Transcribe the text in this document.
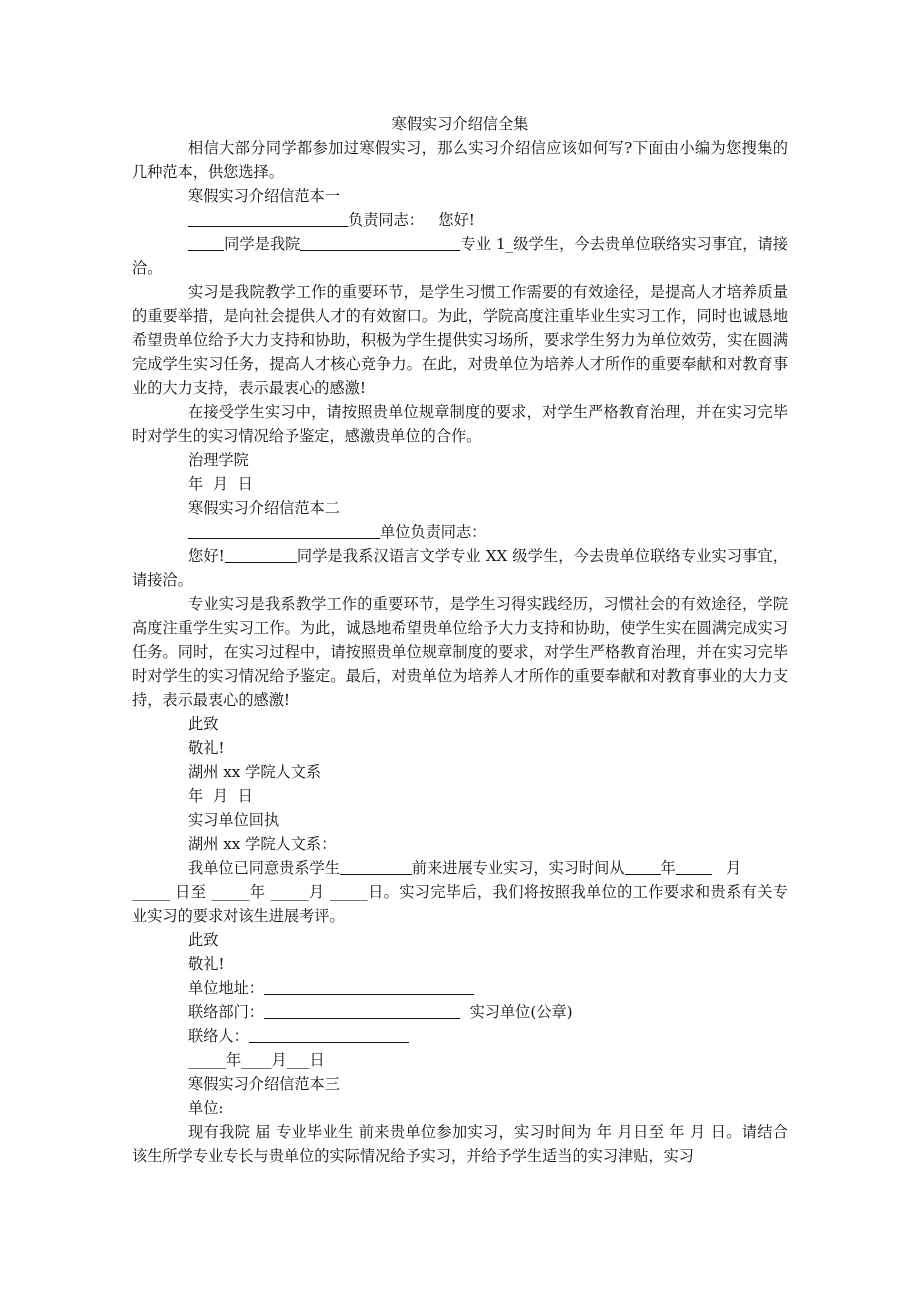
寒假实习介绍信全集

相信大部分同学都参加过寒假实习，那么实习介绍信应该如何写?下面由小编为您搜集的几种范本，供您选择。

寒假实习介绍信范本一

负责同志：   您好!

同学是我院	专业 1_级学生，今去贵单位联络实习事宜，请接洽。

实习是我院教学工作的重要环节，是学生习惯工作需要的有效途径，是提高人才培养质量的重要举措，是向社会提供人才的有效窗口。为此，学院高度注重毕业生实习工作，同时也诚恳地希望贵单位给予大力支持和协助，积极为学生提供实习场所，要求学生努力为单位效劳，实在圆满完成学生实习任务，提高人才核心竞争力。在此，对贵单位为培养人才所作的重要奉献和对教育事业的大力支持，表示最衷心的感激!

在接受学生实习中，请按照贵单位规章制度的要求，对学生严格教育治理，并在实习完毕时对学生的实习情况给予鉴定，感激贵单位的合作。

治理学院

年  月  日

寒假实习介绍信范本二

单位负责同志：

您好!	同学是我系汉语言文学专业 XX 级学生，今去贵单位联络专业实习事宜，请接洽。

专业实习是我系教学工作的重要环节，是学生习得实践经历，习惯社会的有效途径，学院高度注重学生实习工作。为此，诚恳地希望贵单位给予大力支持和协助，使学生实在圆满完成实习任务。同时，在实习过程中，请按照贵单位规章制度的要求，对学生严格教育治理，并在实习完毕时对学生的实习情况给予鉴定。最后，对贵单位为培养人才所作的重要奉献和对教育事业的大力支持，表示最衷心的感激!

此致

敬礼!

湖州 xx 学院人文系

年  月  日

实习单位回执

湖州 xx 学院人文系：

我单位已同意贵系学生	前来进展专业实习，实习时间从 年	月

_____ 日至 _____年 _____月 _____日。实习完毕后，我们将按照我单位的工作要求和贵系有关专业实习的要求对该生进展考评。

此致

敬礼!

单位地址：

联络部门：	实习单位(公章)

联络人：

_____年____月___日

寒假实习介绍信范本三

单位:

现有我院 届 专业毕业生 前来贵单位参加实习，实习时间为 年 月日至 年 月 日。请结合该生所学专业专长与贵单位的实际情况给予实习，并给予学生适当的实习津贴，实习
